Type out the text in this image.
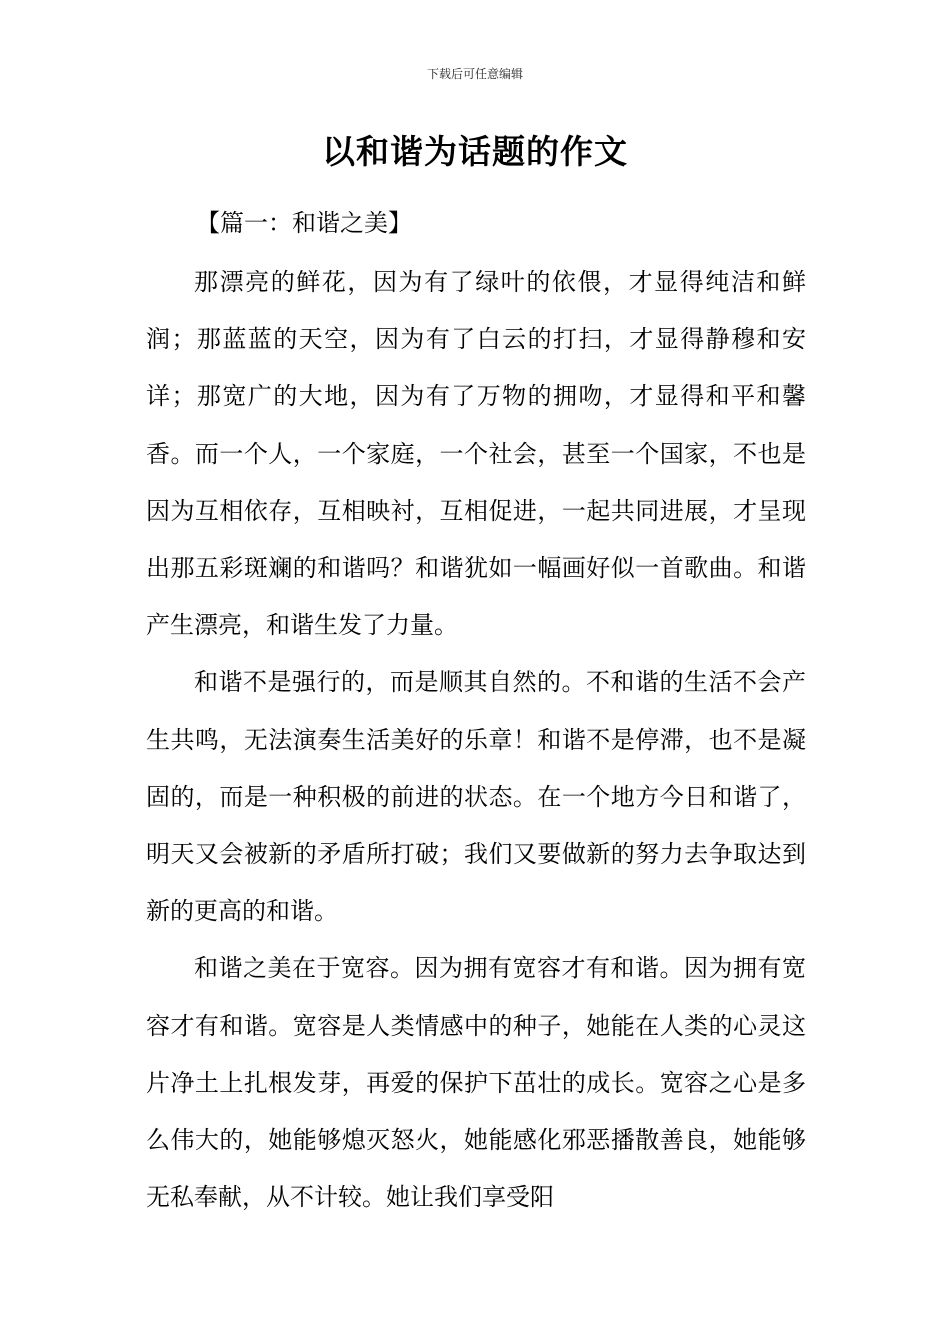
下载后可任意编辑
以和谐为话题的作文
【篇一：和谐之美】

那漂亮的鲜花，因为有了绿叶的依偎，才显得纯洁和鲜润；那蓝蓝的天空，因为有了白云的打扫，才显得静穆和安详；那宽广的大地，因为有了万物的拥吻，才显得和平和馨香。而一个人，一个家庭，一个社会，甚至一个国家，不也是因为互相依存，互相映衬，互相促进，一起共同进展，才呈现出那五彩斑斓的和谐吗？和谐犹如一幅画好似一首歌曲。和谐产生漂亮，和谐生发了力量。

和谐不是强行的，而是顺其自然的。不和谐的生活不会产生共鸣，无法演奏生活美好的乐章！和谐不是停滞，也不是凝固的，而是一种积极的前进的状态。在一个地方今日和谐了，明天又会被新的矛盾所打破；我们又要做新的努力去争取达到新的更高的和谐。

和谐之美在于宽容。因为拥有宽容才有和谐。因为拥有宽容才有和谐。宽容是人类情感中的种子，她能在人类的心灵这片净土上扎根发芽，再爱的保护下茁壮的成长。宽容之心是多么伟大的，她能够熄灭怒火，她能感化邪恶播散善良，她能够无私奉献，从不计较。她让我们享受阳
